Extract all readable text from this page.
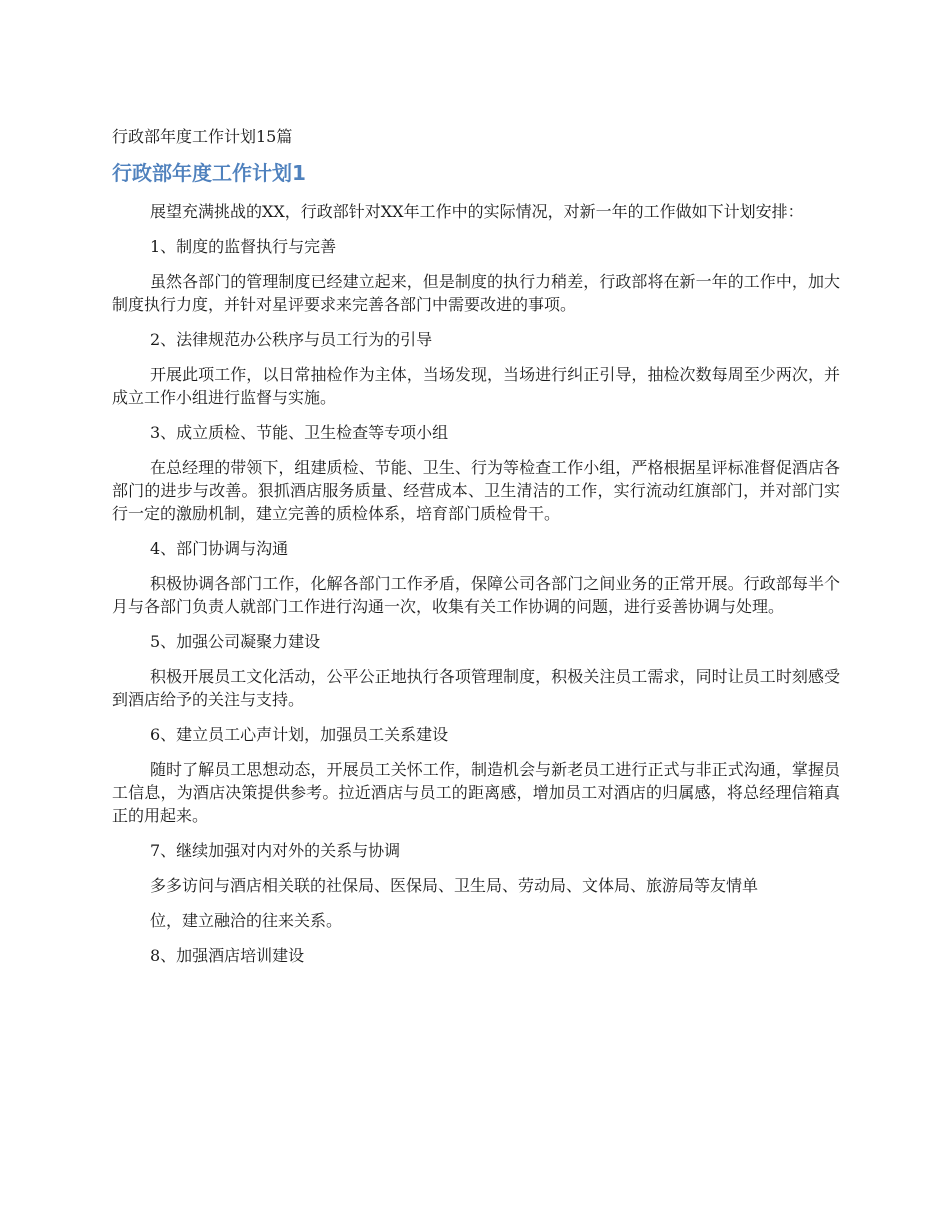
行政部年度工作计划15篇
行政部年度工作计划1

展望充满挑战的XX，行政部针对XX年工作中的实际情况，对新一年的工作做如下计划安排：

1、制度的监督执行与完善

虽然各部门的管理制度已经建立起来，但是制度的执行力稍差，行政部将在新一年的工作中，加大制度执行力度，并针对星评要求来完善各部门中需要改进的事项。

2、法律规范办公秩序与员工行为的引导

开展此项工作，以日常抽检作为主体，当场发现，当场进行纠正引导，抽检次数每周至少两次，并成立工作小组进行监督与实施。

3、成立质检、节能、卫生检查等专项小组

在总经理的带领下，组建质检、节能、卫生、行为等检查工作小组，严格根据星评标准督促酒店各部门的进步与改善。狠抓酒店服务质量、经营成本、卫生清洁的工作，实行流动红旗部门，并对部门实行一定的激励机制，建立完善的质检体系，培育部门质检骨干。

4、部门协调与沟通

积极协调各部门工作，化解各部门工作矛盾，保障公司各部门之间业务的正常开展。行政部每半个月与各部门负责人就部门工作进行沟通一次，收集有关工作协调的问题，进行妥善协调与处理。

5、加强公司凝聚力建设

积极开展员工文化活动，公平公正地执行各项管理制度，积极关注员工需求，同时让员工时刻感受到酒店给予的关注与支持。

6、建立员工心声计划，加强员工关系建设

随时了解员工思想动态，开展员工关怀工作，制造机会与新老员工进行正式与非正式沟通，掌握员工信息，为酒店决策提供参考。拉近酒店与员工的距离感，增加员工对酒店的归属感，将总经理信箱真正的用起来。

7、继续加强对内对外的关系与协调

多多访问与酒店相关联的社保局、医保局、卫生局、劳动局、文体局、旅游局等友情单

位，建立融洽的往来关系。

8、加强酒店培训建设
